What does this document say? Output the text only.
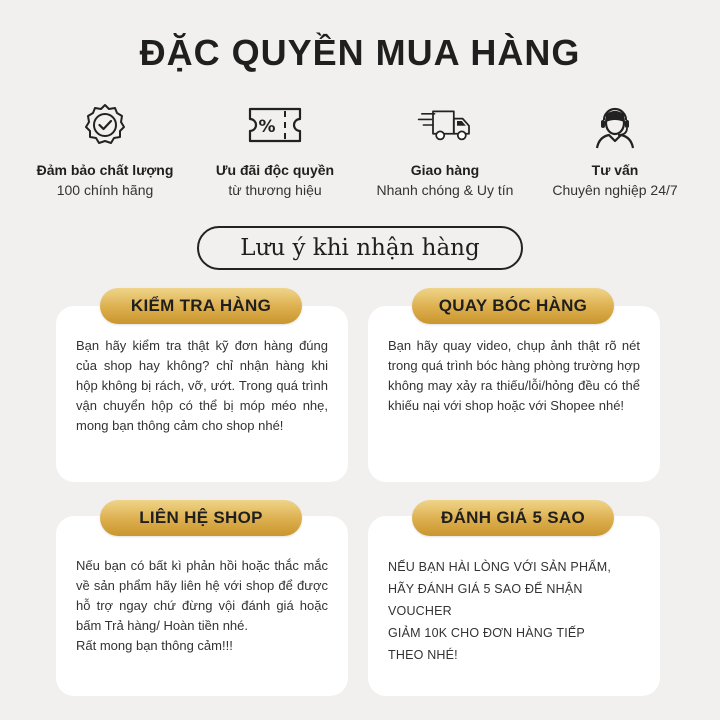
ĐẶC QUYỀN MUA HÀNG
Đảm bảo chất lượng
100 chính hãng
%
Ưu đãi độc quyền
từ thương hiệu
Giao hàng
Nhanh chóng & Uy tín
Tư vấn
Chuyên nghiệp 24/7
Lưu ý khi nhận hàng
Bạn hãy kiểm tra thật kỹ đơn hàng đúng của shop hay không? chỉ nhận hàng khi hộp không bị rách, vỡ, ướt. Trong quá trình vận chuyển hộp có thể bị móp méo nhẹ, mong bạn thông cảm cho shop nhé!
Bạn hãy quay video, chụp ảnh thật rõ nét trong quá trình bóc hàng phòng trường hợp không may xảy ra thiếu/lỗi/hỏng đều có thể khiếu nại với shop hoặc với Shopee nhé!
Nếu bạn có bất kì phản hồi hoặc thắc mắc về sản phẩm hãy liên hệ với shop để được hỗ trợ ngay chứ đừng vội đánh giá hoặc bấm Trả hàng/ Hoàn tiền nhé.
Rất mong bạn thông cảm!!!
NẾU BẠN HÀI LÒNG VỚI SẢN PHẨM,
HÃY ĐÁNH GIÁ 5 SAO ĐỂ NHẬN
VOUCHER
GIẢM 10K CHO ĐƠN HÀNG TIẾP
THEO NHÉ!
KIỂM TRA HÀNG	QUAY BÓC HÀNG
LIÊN HỆ SHOP	ĐÁNH GIÁ 5 SAO
